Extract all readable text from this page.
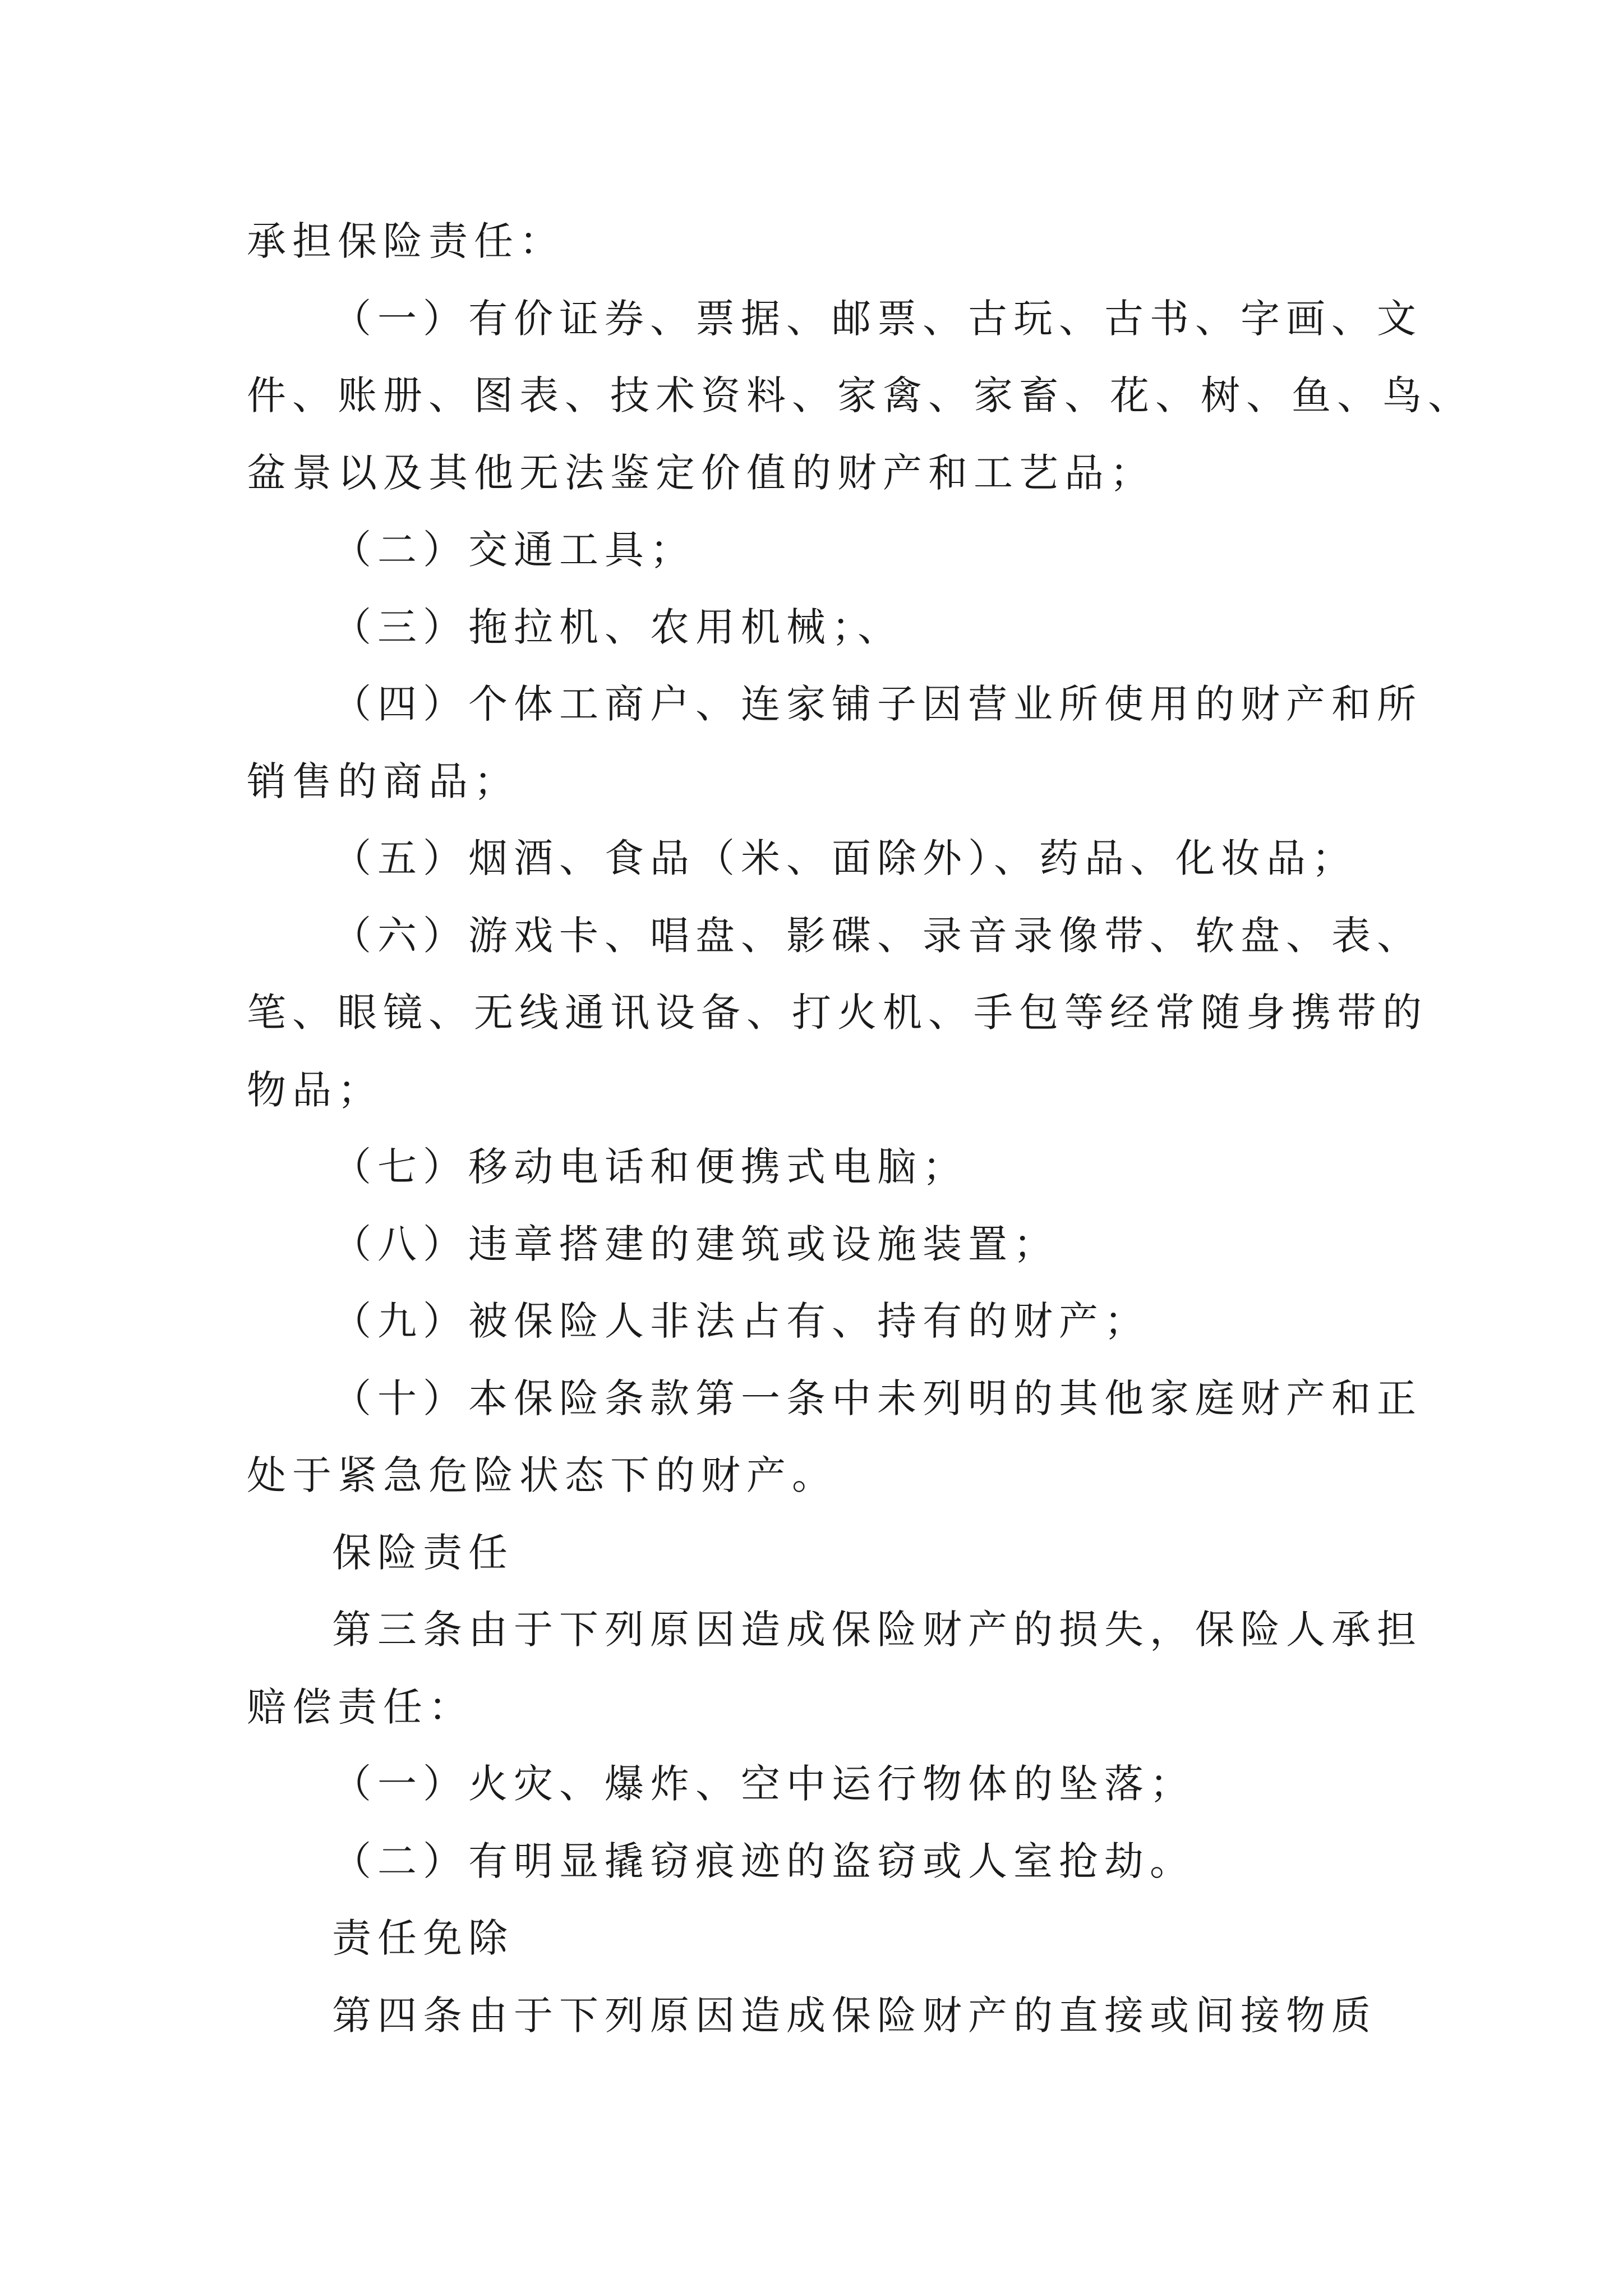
承担保险责任：

（一）有价证券、票据、邮票、古玩、古书、字画、文

件、账册、图表、技术资料、家禽、家畜、花、树、鱼、鸟、

盆景以及其他无法鉴定价值的财产和工艺品；

（二）交通工具；

（三）拖拉机、农用机械；、

（四）个体工商户、连家铺子因营业所使用的财产和所

销售的商品；

（五）烟酒、食品（米、面除外）、药品、化妆品；

（六）游戏卡、唱盘、影碟、录音录像带、软盘、表、

笔、眼镜、无线通讯设备、打火机、手包等经常随身携带的

物品；

（七）移动电话和便携式电脑；

（八）违章搭建的建筑或设施装置；

（九）被保险人非法占有、持有的财产；

（十）本保险条款第一条中未列明的其他家庭财产和正

处于紧急危险状态下的财产。

保险责任

第三条由于下列原因造成保险财产的损失，保险人承担

赔偿责任：

（一）火灾、爆炸、空中运行物体的坠落；

（二）有明显撬窃痕迹的盗窃或人室抢劫。

责任免除

第四条由于下列原因造成保险财产的直接或间接物质
